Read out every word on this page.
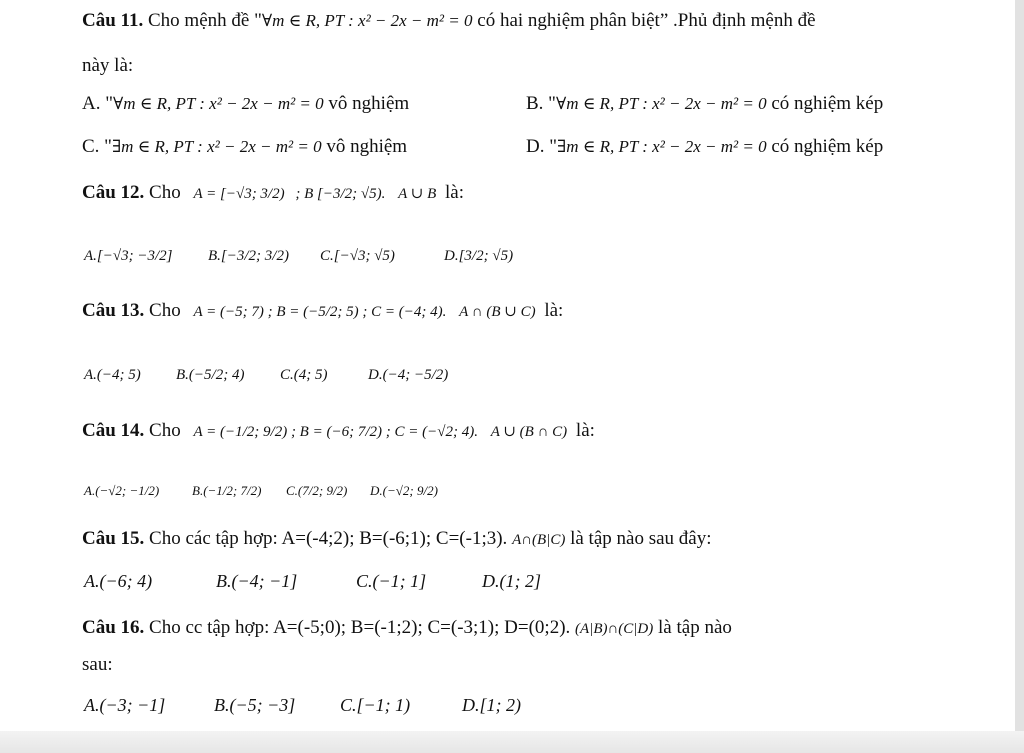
Câu 11. Cho mệnh đề "∀m ∈ R, PT : x² − 2x − m² = 0 có hai nghiệm phân biệt” .Phủ định mệnh đề
này là:
A. "∀m ∈ R, PT : x² − 2x − m² = 0 vô nghiệm	B. "∀m ∈ R, PT : x² − 2x − m² = 0 có nghiệm kép
C. "∃m ∈ R, PT : x² − 2x − m² = 0 vô nghiệm	D. "∃m ∈ R, PT : x² − 2x − m² = 0 có nghiệm kép
Câu 12. Cho A = [−√3; 3/2) ; B [−3/2; √5). A ∪ B là:
A.[−√3; −3/2] B.[−3/2; 3/2) C.[−√3; √5)	D.[3/2; √5)
Câu 13. Cho A = (−5; 7) ; B = (−5/2; 5) ; C = (−4; 4). A ∩ (B ∪ C) là:
A.(−4; 5) B.(−5/2; 4) C.(4; 5)	D.(−4; −5/2)
Câu 14. Cho A = (−1/2; 9/2) ; B = (−6; 7/2) ; C = (−√2; 4). A ∪ (B ∩ C) là:
A.(−√2; −1/2)	B.(−1/2; 7/2) C.(7/2; 9/2) D.(−√2; 9/2)
Câu 15. Cho các tập hợp: A=(-4;2); B=(-6;1); C=(-1;3). A∩(B|C) là tập nào sau đây:
A.(−6; 4)	B.(−4; −1]	C.(−1; 1]	D.(1; 2]
Câu 16. Cho cc tập hợp: A=(-5;0); B=(-1;2); C=(-3;1); D=(0;2). (A|B)∩(C|D) là tập nào
sau:
A.(−3; −1]	B.(−5; −3] C.[−1; 1)	D.[1; 2)
